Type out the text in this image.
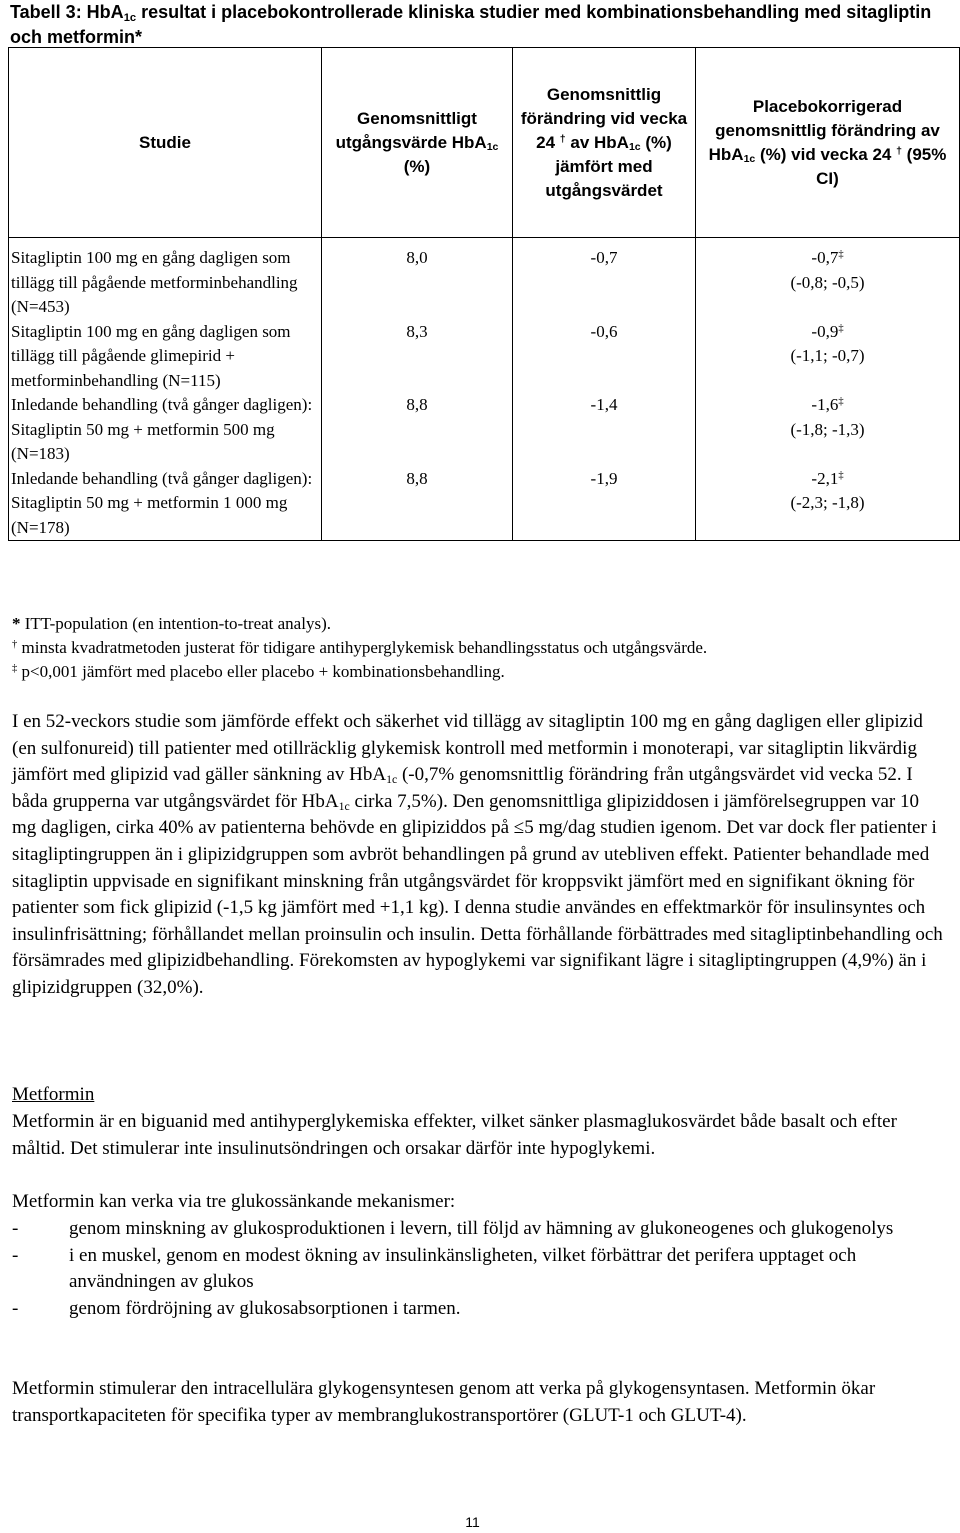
Tabell 3: HbA$_{1c}$ resultat i placebokontrollerade kliniska studier med kombinationsbehandling med sitagliptin och metformin*
Studie	Genomsnittligt utgångsvärde HbA$_{1c}$ (%)	Genomsnittlig förändring vid vecka 24 † av HbA$_{1c}$ (%) jämfört med utgångsvärdet	Placebokorrigerad genomsnittlig förändring av HbA$_{1c}$ (%) vid vecka 24 † (95% CI)
Sitagliptin 100 mg en gång dagligen som tillägg till pågående metforminbehandling (N=453)	8,0	-0,7	-0,7‡
(-0,8; -0,5)

Sitagliptin 100 mg en gång dagligen som tillägg till pågående glimepirid + metforminbehandling (N=115)	8,3	-0,6	-0,9‡
(-1,1; -0,7)

Inledande behandling (två gånger dagligen): Sitagliptin 50 mg + metformin 500 mg (N=183)	8,8	-1,4	-1,6‡
(-1,8; -1,3)

Inledande behandling (två gånger dagligen): Sitagliptin 50 mg + metformin 1 000 mg (N=178)	8,8	-1,9	-2,1‡
(-2,3; -1,8)

* ITT-population (en intention-to-treat analys).

† minsta kvadratmetoden justerat för tidigare antihyperglykemisk behandlingsstatus och utgångsvärde.

‡ p<0,001 jämfört med placebo eller placebo + kombinationsbehandling.

I en 52-veckors studie som jämförde effekt och säkerhet vid tillägg av sitagliptin 100 mg en gång dagligen eller glipizid (en sulfonureid) till patienter med otillräcklig glykemisk kontroll med metformin i monoterapi, var sitagliptin likvärdig jämfört med glipizid vad gäller sänkning av HbA$_{1c}$ (-0,7% genomsnittlig förändring från utgångsvärdet vid vecka 52. I båda grupperna var utgångsvärdet för HbA$_{1c}$ cirka 7,5%). Den genomsnittliga glipiziddosen i jämförelsegruppen var 10 mg dagligen, cirka 40% av patienterna behövde en glipiziddos på ≤5 mg/dag studien igenom. Det var dock fler patienter i sitagliptingruppen än i glipizidgruppen som avbröt behandlingen på grund av utebliven effekt. Patienter behandlade med sitagliptin uppvisade en signifikant minskning från utgångsvärdet för kroppsvikt jämfört med en signifikant ökning för patienter som fick glipizid (-1,5 kg jämfört med +1,1 kg). I denna studie användes en effektmarkör för insulinsyntes och insulinfrisättning; förhållandet mellan proinsulin och insulin. Detta förhållande förbättrades med sitagliptinbehandling och försämrades med glipizidbehandling. Förekomsten av hypoglykemi var signifikant lägre i sitagliptingruppen (4,9%) än i glipizidgruppen (32,0%).

Metformin

Metformin är en biguanid med antihyperglykemiska effekter, vilket sänker plasmaglukosvärdet både basalt och efter måltid. Det stimulerar inte insulinutsöndringen och orsakar därför inte hypoglykemi.

Metformin kan verka via tre glukossänkande mekanismer:

- genom minskning av glukosproduktionen i levern, till följd av hämning av glukoneogenes och glukogenolys
- i en muskel, genom en modest ökning av insulinkänsligheten, vilket förbättrar det perifera upptaget och användningen av glukos
- genom fördröjning av glukosabsorptionen i tarmen.

Metformin stimulerar den intracellulära glykogensyntesen genom att verka på glykogensyntasen. Metformin ökar transportkapaciteten för specifika typer av membranglukostransportörer (GLUT-1 och GLUT-4).

11
